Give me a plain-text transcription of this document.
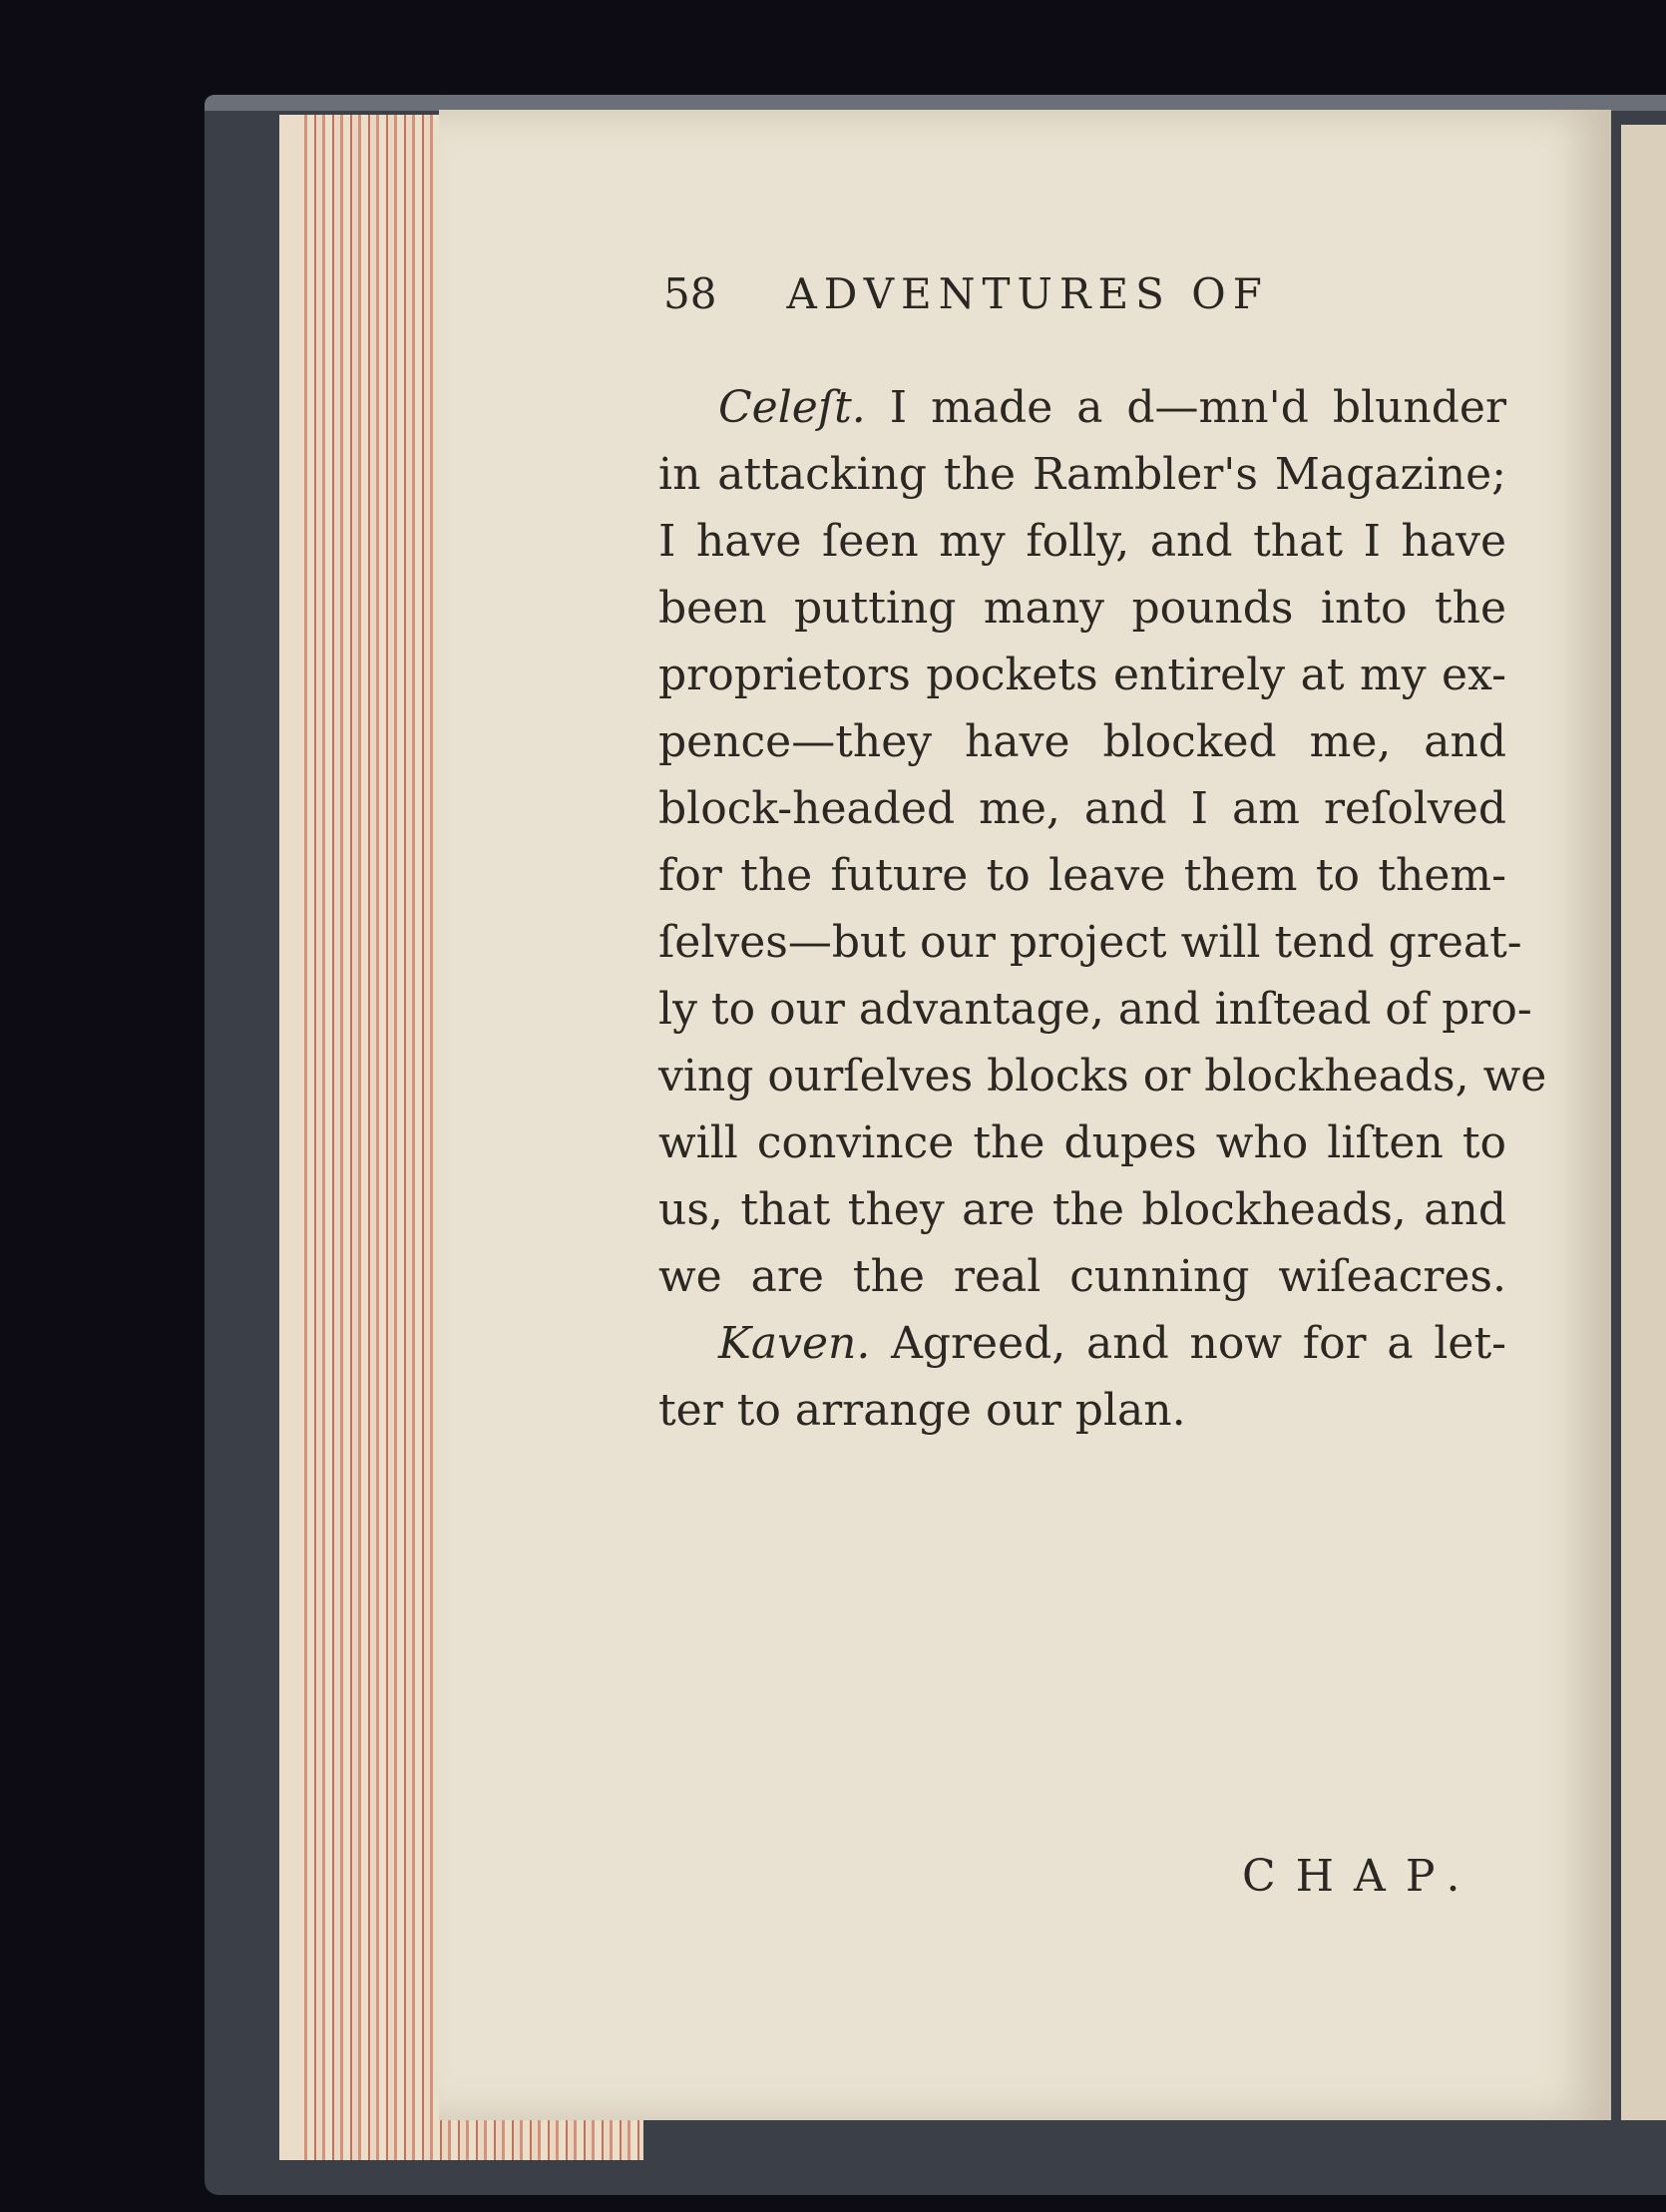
58 ADVENTURES OF
Celeſt. I made a d—mn'd blunder
in attacking the Rambler's Magazine;
I have ſeen my folly, and that I have
been putting many pounds into the
proprietors pockets entirely at my ex-
pence—they have blocked me, and
block-headed me, and I am reſolved
for the future to leave them to them-
ſelves—but our project will tend great-
ly to our advantage, and inſtead of pro-
ving ourſelves blocks or blockheads, we
will convince the dupes who liſten to
us, that they are the blockheads, and
we are the real cunning wiſeacres.
Kaven. Agreed, and now for a let-
ter to arrange our plan.
CHAP.
